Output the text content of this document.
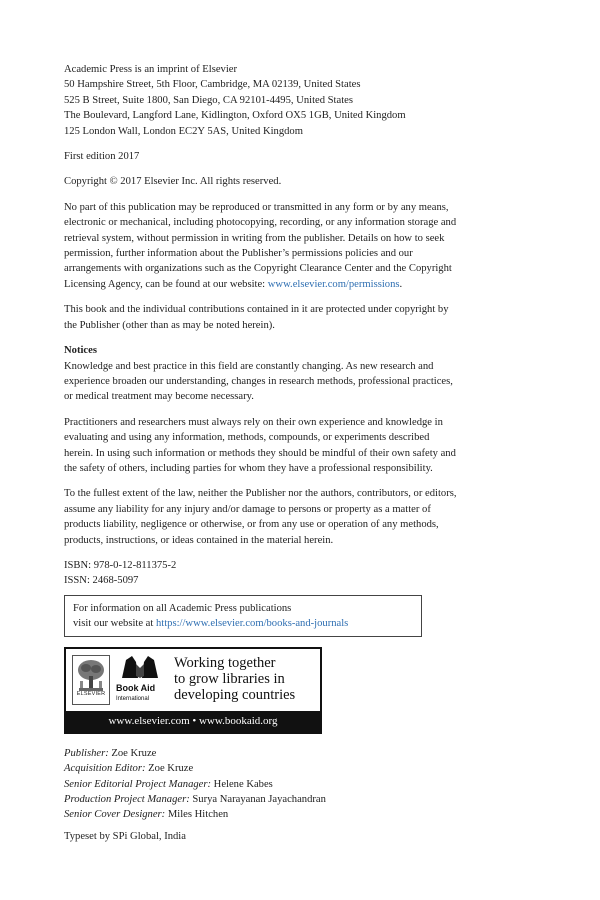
Academic Press is an imprint of Elsevier
50 Hampshire Street, 5th Floor, Cambridge, MA 02139, United States
525 B Street, Suite 1800, San Diego, CA 92101-4495, United States
The Boulevard, Langford Lane, Kidlington, Oxford OX5 1GB, United Kingdom
125 London Wall, London EC2Y 5AS, United Kingdom
First edition 2017
Copyright © 2017 Elsevier Inc. All rights reserved.
No part of this publication may be reproduced or transmitted in any form or by any means,
electronic or mechanical, including photocopying, recording, or any information storage and
retrieval system, without permission in writing from the publisher. Details on how to seek
permission, further information about the Publisher’s permissions policies and our
arrangements with organizations such as the Copyright Clearance Center and the Copyright
Licensing Agency, can be found at our website: www.elsevier.com/permissions.
This book and the individual contributions contained in it are protected under copyright by
the Publisher (other than as may be noted herein).
Notices
Knowledge and best practice in this field are constantly changing. As new research and
experience broaden our understanding, changes in research methods, professional practices,
or medical treatment may become necessary.
Practitioners and researchers must always rely on their own experience and knowledge in
evaluating and using any information, methods, compounds, or experiments described
herein. In using such information or methods they should be mindful of their own safety and
the safety of others, including parties for whom they have a professional responsibility.
To the fullest extent of the law, neither the Publisher nor the authors, contributors, or editors,
assume any liability for any injury and/or damage to persons or property as a matter of
products liability, negligence or otherwise, or from any use or operation of any methods,
products, instructions, or ideas contained in the material herein.
ISBN: 978-0-12-811375-2
ISSN: 2468-5097
For information on all Academic Press publications
visit our website at https://www.elsevier.com/books-and-journals
ELSEVIER
Book Aid
International
Working together
to grow libraries in
developing countries
www.elsevier.com • www.bookaid.org
Publisher: Zoe Kruze
Acquisition Editor: Zoe Kruze
Senior Editorial Project Manager: Helene Kabes
Production Project Manager: Surya Narayanan Jayachandran
Senior Cover Designer: Miles Hitchen
Typeset by SPi Global, India
